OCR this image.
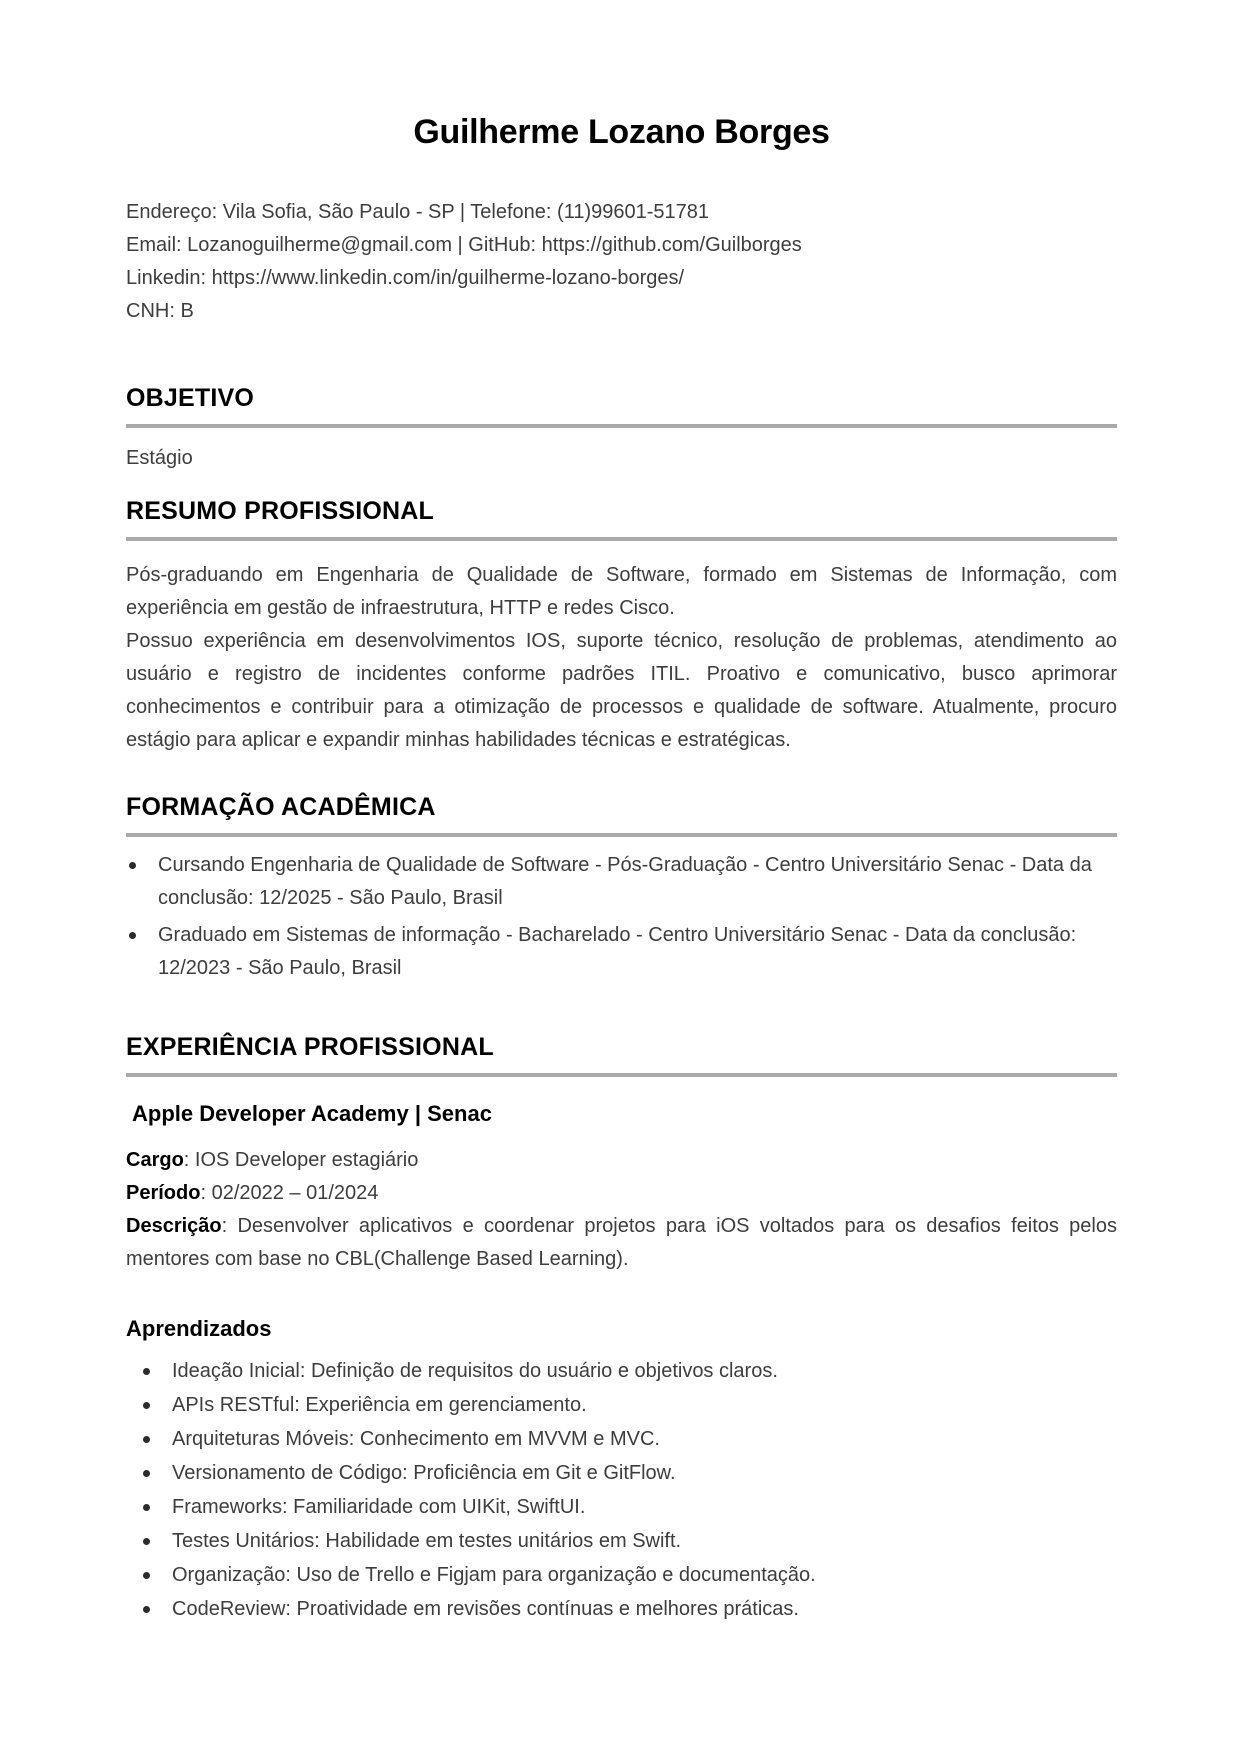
Guilherme Lozano Borges
Endereço: Vila Sofia, São Paulo - SP | Telefone: (11)99601-51781
Email: Lozanoguilherme@gmail.com | GitHub: https://github.com/Guilborges
Linkedin: https://www.linkedin.com/in/guilherme-lozano-borges/
CNH: B
OBJETIVO

Estágio

RESUMO PROFISSIONAL

Pós-graduando em Engenharia de Qualidade de Software, formado em Sistemas de Informação, com experiência em gestão de infraestrutura, HTTP e redes Cisco.

Possuo experiência em desenvolvimentos IOS, suporte técnico, resolução de problemas, atendimento ao usuário e registro de incidentes conforme padrões ITIL. Proativo e comunicativo, busco aprimorar conhecimentos e contribuir para a otimização de processos e qualidade de software. Atualmente, procuro estágio para aplicar e expandir minhas habilidades técnicas e estratégicas.

FORMAÇÃO ACADÊMICA
Cursando Engenharia de Qualidade de Software - Pós-Graduação - Centro Universitário Senac - Data da conclusão: 12/2025 - São Paulo, Brasil
Graduado em Sistemas de informação - Bacharelado - Centro Universitário Senac - Data da conclusão: 12/2023 - São Paulo, Brasil
EXPERIÊNCIA PROFISSIONAL
Apple Developer Academy | Senac

Cargo: IOS Developer estagiário

Período: 02/2022 – 01/2024

Descrição: Desenvolver aplicativos e coordenar projetos para iOS voltados para os desafios feitos pelos mentores com base no CBL(Challenge Based Learning).

Aprendizados
Ideação Inicial: Definição de requisitos do usuário e objetivos claros.
APIs RESTful: Experiência em gerenciamento.
Arquiteturas Móveis: Conhecimento em MVVM e MVC.
Versionamento de Código: Proficiência em Git e GitFlow.
Frameworks: Familiaridade com UIKit, SwiftUI.
Testes Unitários: Habilidade em testes unitários em Swift.
Organização: Uso de Trello e Figjam para organização e documentação.
CodeReview: Proatividade em revisões contínuas e melhores práticas.
